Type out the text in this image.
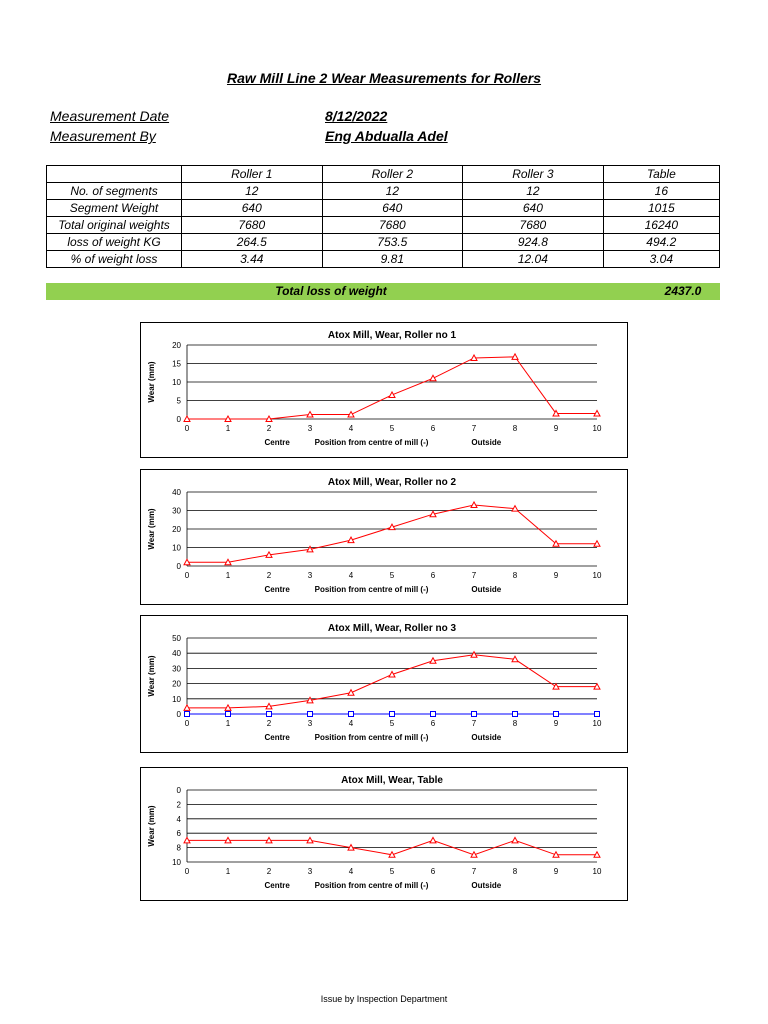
Raw Mill Line 2 Wear Measurements for Rollers
Measurement Date	8/12/2022
Measurement By	Eng Abdualla Adel
	Roller 1	Roller 2	Roller 3	Table
No. of segments	12	12	12	16
Segment Weight	640	640	640	1015
Total original weights	7680	7680	7680	16240
loss of weight KG	264.5	753.5	924.8	494.2
% of weight loss	3.44	9.81	12.04	3.04
Total loss of weight	2437.0
Atox Mill, Wear, Roller no 1
0
5
10
15
20
0	1	2	3	4	5	6	7	8	9	10
Wear (mm)
Centre	Position from centre of mill (-)	Outside
Atox Mill, Wear, Roller no 2
0
10
20
30
40
0	1	2	3	4	5	6	7	8	9	10
Wear (mm)
Centre	Position from centre of mill (-)	Outside
Atox Mill, Wear, Roller no 3
0
10
20
30
40
50
0	1	2	3	4	5	6	7	8	9	10
Wear (mm)
Centre	Position from centre of mill (-)	Outside
Atox Mill, Wear, Table
0
2
4
6
8
10
0	1	2	3	4	5	6	7	8	9	10
Wear (mm)
Centre	Position from centre of mill (-)	Outside
Issue by Inspection Department
